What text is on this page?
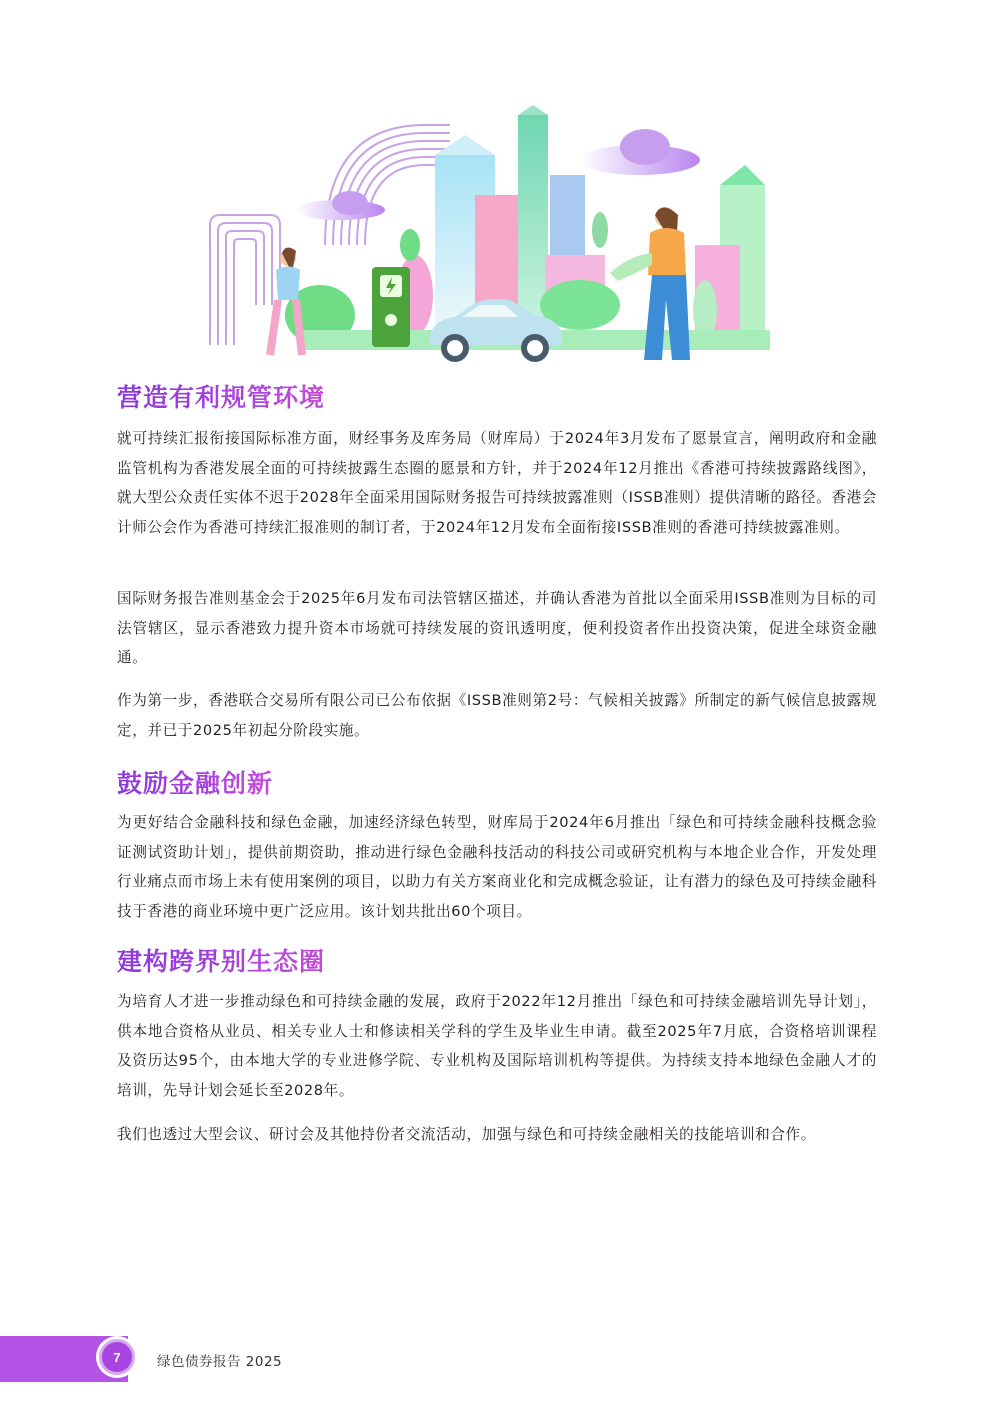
营造有利规管环境

就可持续汇报衔接国际标准方面，财经事务及库务局（财库局）于2024年3月发布了愿景宣言，阐明政府和金融监管机构为香港发展全面的可持续披露生态圈的愿景和方针，并于2024年12月推出《香港可持续披露路线图》，就大型公众责任实体不迟于2028年全面采用国际财务报告可持续披露准则（ISSB准则）提供清晰的路径。香港会计师公会作为香港可持续汇报准则的制订者，于2024年12月发布全面衔接ISSB准则的香港可持续披露准则。

国际财务报告准则基金会于2025年6月发布司法管辖区描述，并确认香港为首批以全面采用ISSB准则为目标的司法管辖区，显示香港致力提升资本市场就可持续发展的资讯透明度，便利投资者作出投资决策，促进全球资金融通。

作为第一步，香港联合交易所有限公司已公布依据《ISSB准则第2号：气候相关披露》所制定的新气候信息披露规定，并已于2025年初起分阶段实施。

鼓励金融创新

为更好结合金融科技和绿色金融，加速经济绿色转型，财库局于2024年6月推出「绿色和可持续金融科技概念验证测试资助计划」，提供前期资助，推动进行绿色金融科技活动的科技公司或研究机构与本地企业合作，开发处理行业痛点而市场上未有使用案例的项目，以助力有关方案商业化和完成概念验证，让有潜力的绿色及可持续金融科技于香港的商业环境中更广泛应用。该计划共批出60个项目。

建构跨界别生态圈

为培育人才进一步推动绿色和可持续金融的发展，政府于2022年12月推出「绿色和可持续金融培训先导计划」，供本地合资格从业员、相关专业人士和修读相关学科的学生及毕业生申请。截至2025年7月底，合资格培训课程及资历达95个，由本地大学的专业进修学院、专业机构及国际培训机构等提供。为持续支持本地绿色金融人才的培训，先导计划会延长至2028年。

我们也透过大型会议、研讨会及其他持份者交流活动，加强与绿色和可持续金融相关的技能培训和合作。

7	绿色债券报告 2025
